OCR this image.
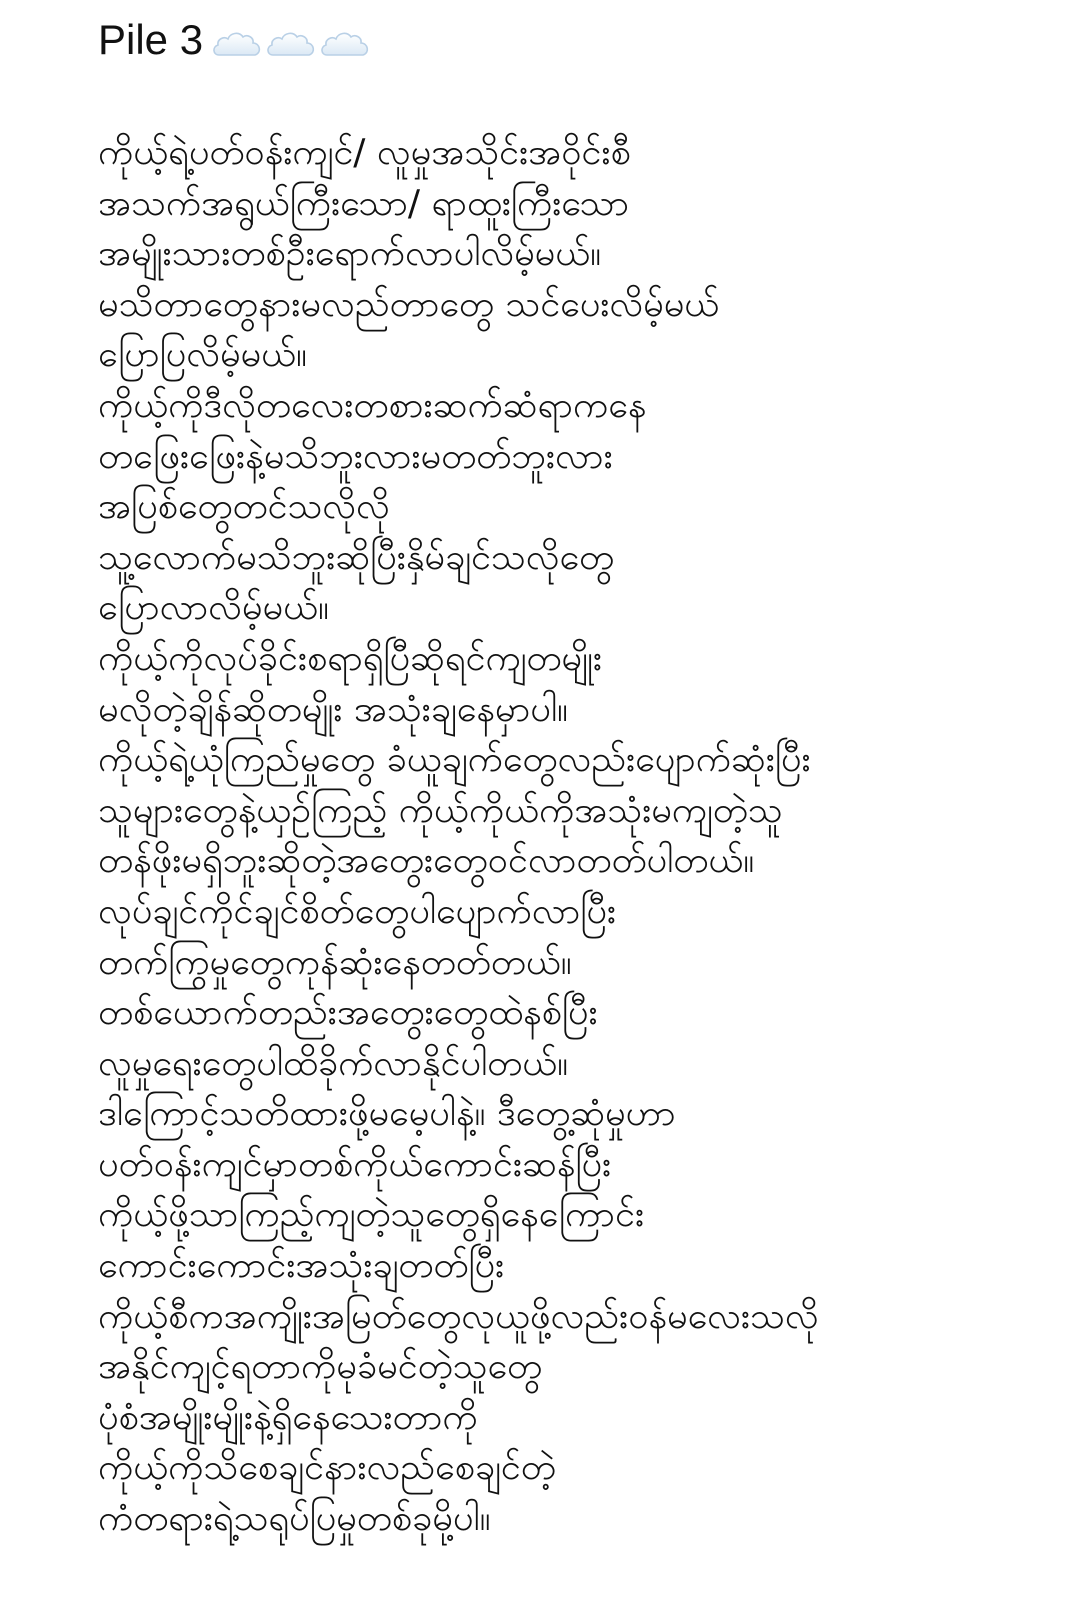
Pile 3
ကိုယ့်ရဲ့ပတ်ဝန်းကျင်/ လူမှုအသိုင်းအဝိုင်းစီ
အသက်အရွယ်ကြီးသော/ ရာထူးကြီးသော
အမျိုးသားတစ်ဦးရောက်လာပါလိမ့်မယ်။
မသိတာတွေနားမလည်တာတွေ သင်ပေးလိမ့်မယ်
ပြောပြလိမ့်မယ်။
ကိုယ့်ကိုဒီလိုတလေးတစားဆက်ဆံရာကနေ
တဖြေးဖြေးနဲ့မသိဘူးလားမတတ်ဘူးလား
အပြစ်တွေတင်သလိုလို
သူ့လောက်မသိဘူးဆိုပြီးနှိမ်ချင်သလိုတွေ
ပြောလာလိမ့်မယ်။
ကိုယ့်ကိုလုပ်ခိုင်းစရာရှိပြီဆိုရင်ကျတမျိုး
မလိုတဲ့ချိန်ဆိုတမျိုး အသုံးချနေမှာပါ။
ကိုယ့်ရဲ့ယုံကြည်မှုတွေ ခံယူချက်တွေလည်းပျောက်ဆုံးပြီး
သူများတွေနဲ့ယှဉ်ကြည့် ကိုယ့်ကိုယ်ကိုအသုံးမကျတဲ့သူ
တန်ဖိုးမရှိဘူးဆိုတဲ့အတွေးတွေဝင်လာတတ်ပါတယ်။
လုပ်ချင်ကိုင်ချင်စိတ်တွေပါပျောက်လာပြီး
တက်ကြွမှုတွေကုန်ဆုံးနေတတ်တယ်။
တစ်ယောက်တည်းအတွေးတွေထဲနစ်ပြီး
လူမှုရေးတွေပါထိခိုက်လာနိုင်ပါတယ်။
ဒါကြောင့်သတိထားဖို့မမေ့ပါနဲ့။ ဒီတွေ့ဆုံမှုဟာ
ပတ်ဝန်းကျင်မှာတစ်ကိုယ်ကောင်းဆန်ပြီး
ကိုယ့်ဖို့သာကြည့်ကျတဲ့သူတွေရှိနေကြောင်း
ကောင်းကောင်းအသုံးချတတ်ပြီး
ကိုယ့်စီကအကျိုးအမြတ်တွေလုယူဖို့လည်းဝန်မလေးသလို
အနိုင်ကျင့်ရတာကိုမုခံမင်တဲ့သူတွေ
ပုံစံအမျိုးမျိုးနဲ့ရှိနေသေးတာကို
ကိုယ့်ကိုသိစေချင်နားလည်စေချင်တဲ့
ကံတရားရဲ့သရုပ်ပြမှုတစ်ခုမို့ပါ။
